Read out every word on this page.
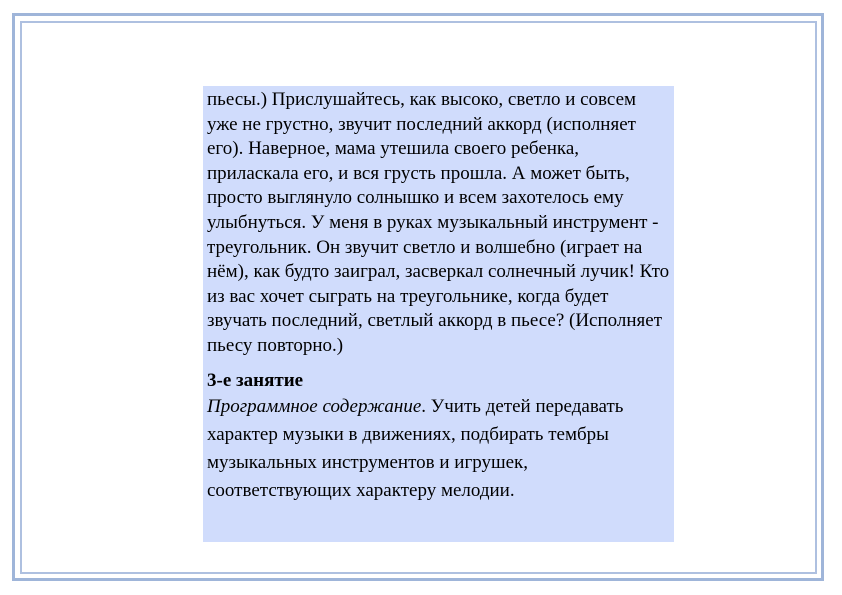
пьесы.) Прислушайтесь, как высоко, светло и совсем уже не грустно, звучит последний аккорд (исполняет его). Наверное, мама утешила своего ребенка, приласкала его, и вся грусть прошла. А может быть, просто выглянуло солнышко и всем захотелось ему улыбнуться. У меня в руках музыкальный инструмент - треугольник. Он звучит светло и волшебно (играет на нём), как будто заиграл, засверкал солнечный лучик! Кто из вас хочет сыграть на треугольнике, когда будет звучать последний, светлый аккорд в пьесе? (Исполняет пьесу повторно.)

3-е занятие

Программное содержание. Учить детей передавать характер музыки в движениях, подбирать тембры музыкальных инструментов и игрушек, соответствующих характеру мелодии.
